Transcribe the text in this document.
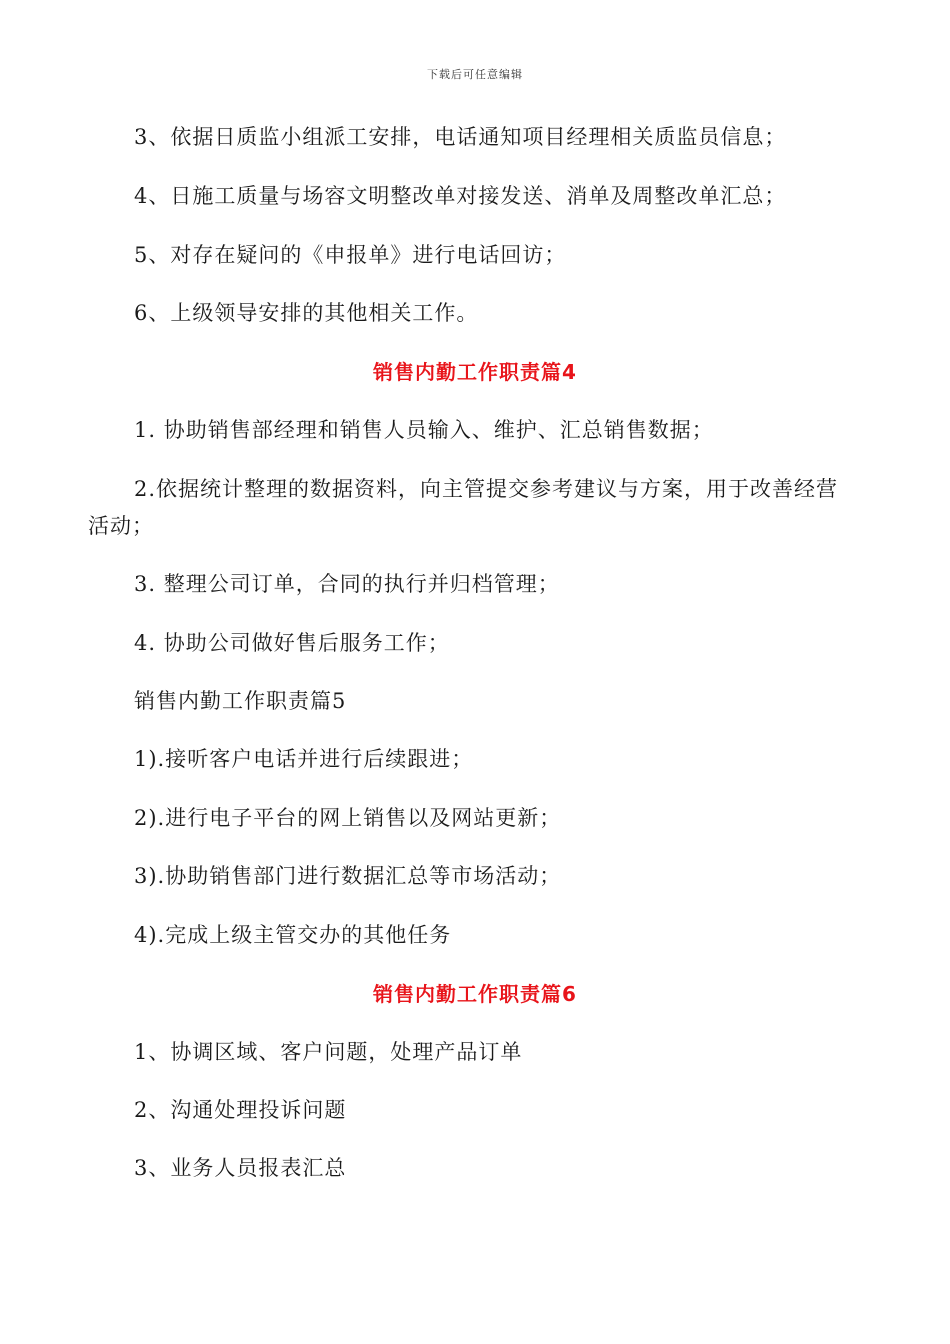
下载后可任意编辑
3、依据日质监小组派工安排，电话通知项目经理相关质监员信息；
4、日施工质量与场容文明整改单对接发送、消单及周整改单汇总；
5、对存在疑问的《申报单》进行电话回访；
6、上级领导安排的其他相关工作。
销售内勤工作职责篇4
1. 协助销售部经理和销售人员输入、维护、汇总销售数据；
2.依据统计整理的数据资料，向主管提交参考建议与方案，用于改善经营
活动；
3. 整理公司订单，合同的执行并归档管理；
4. 协助公司做好售后服务工作；
销售内勤工作职责篇5
1).接听客户电话并进行后续跟进；
2).进行电子平台的网上销售以及网站更新；
3).协助销售部门进行数据汇总等市场活动；
4).完成上级主管交办的其他任务
销售内勤工作职责篇6
1、协调区域、客户问题，处理产品订单
2、沟通处理投诉问题
3、业务人员报表汇总
